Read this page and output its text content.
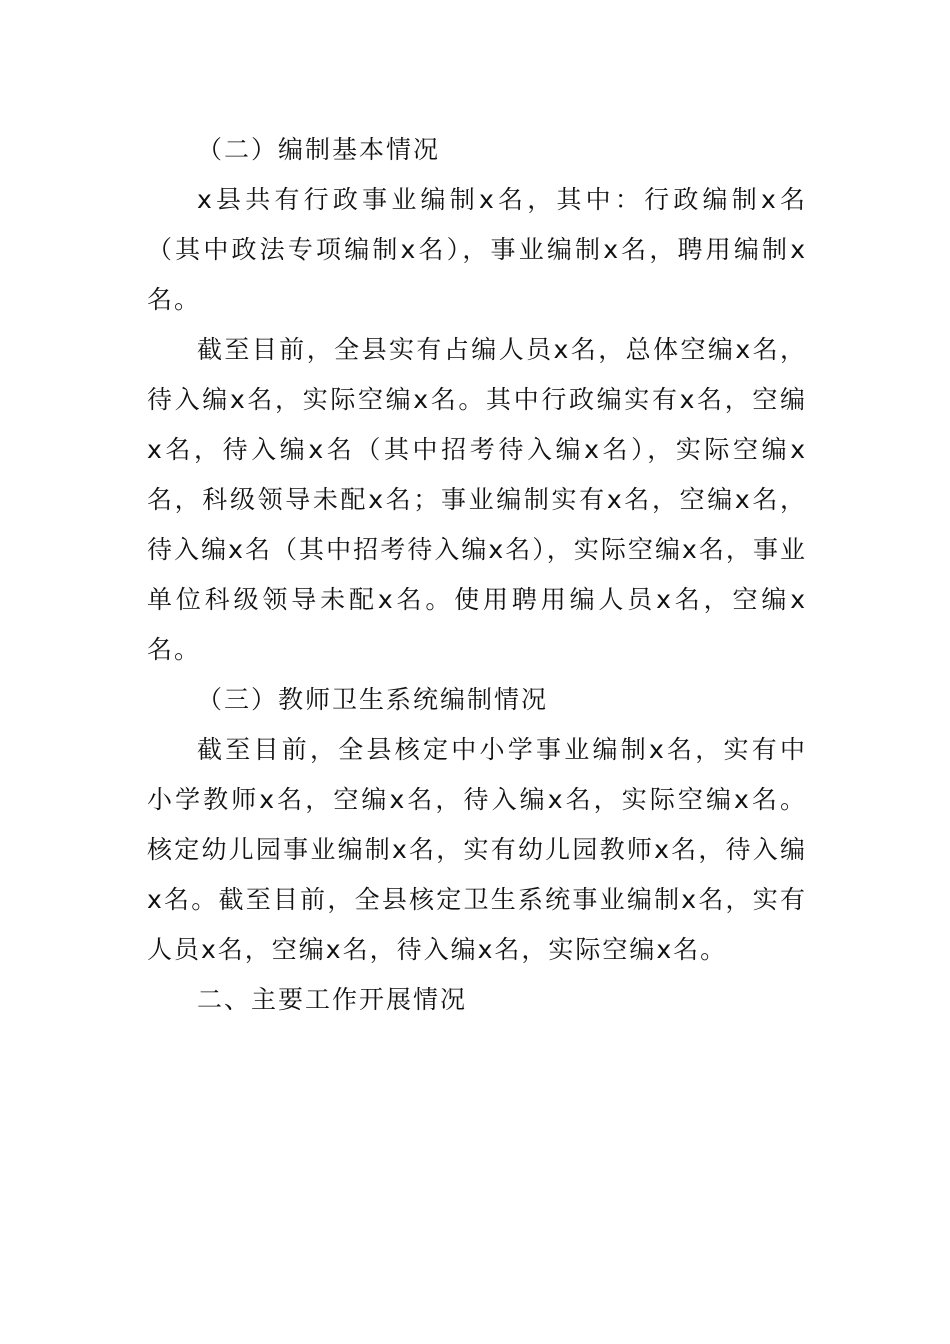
（二）编制基本情况

x县共有行政事业编制x名，其中：行政编制x名（其中政法专项编制x名），事业编制x名，聘用编制x名。

截至目前，全县实有占编人员x名，总体空编x名，待入编x名，实际空编x名。其中行政编实有x名，空编x名，待入编x名（其中招考待入编x名），实际空编x名，科级领导未配x名；事业编制实有x名，空编x名，待入编x名（其中招考待入编x名），实际空编x名，事业单位科级领导未配x名。使用聘用编人员x名，空编x名。

（三）教师卫生系统编制情况

截至目前，全县核定中小学事业编制x名，实有中小学教师x名，空编x名，待入编x名，实际空编x名。核定幼儿园事业编制x名，实有幼儿园教师x名，待入编x名。截至目前，全县核定卫生系统事业编制x名，实有人员x名，空编x名，待入编x名，实际空编x名。

二、主要工作开展情况
